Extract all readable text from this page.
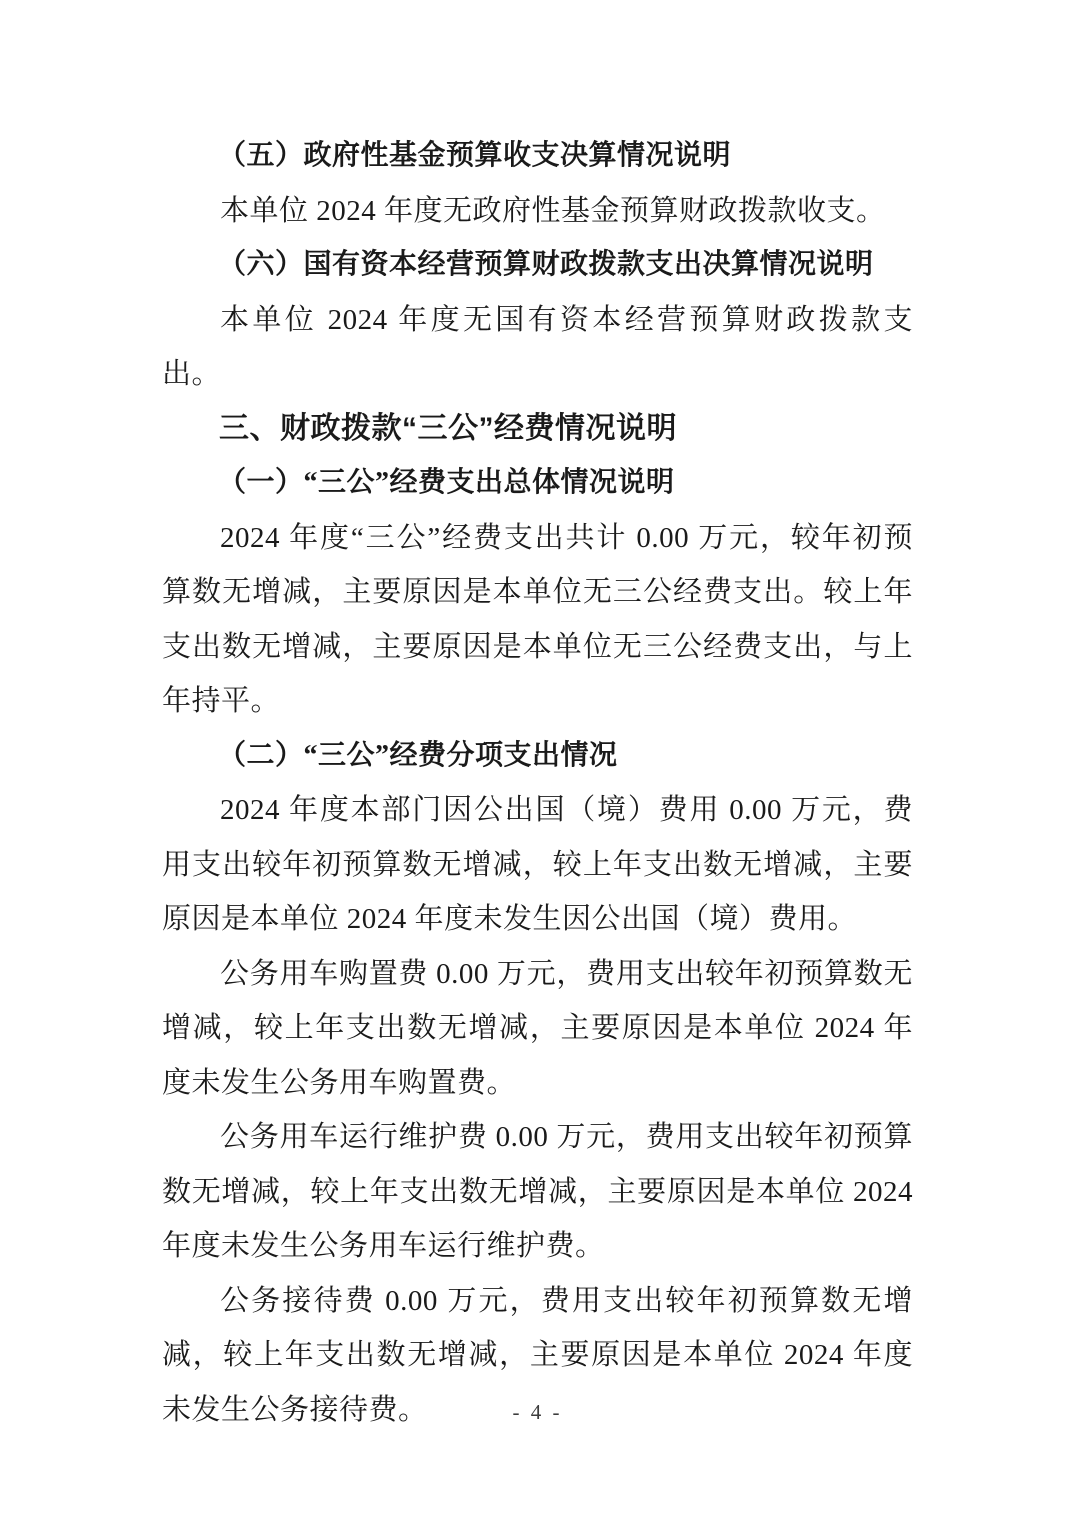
（五）政府性基金预算收支决算情况说明

本单位 2024 年度无政府性基金预算财政拨款收支。

（六）国有资本经营预算财政拨款支出决算情况说明

本单位 2024 年度无国有资本经营预算财政拨款支出。

三、财政拨款“三公”经费情况说明

（一）“三公”经费支出总体情况说明

2024 年度“三公”经费支出共计 0.00 万元，较年初预算数无增减，主要原因是本单位无三公经费支出。较上年支出数无增减，主要原因是本单位无三公经费支出，与上年持平。

（二）“三公”经费分项支出情况

2024 年度本部门因公出国（境）费用 0.00 万元，费用支出较年初预算数无增减，较上年支出数无增减，主要原因是本单位 2024 年度未发生因公出国（境）费用。

公务用车购置费 0.00 万元，费用支出较年初预算数无增减，较上年支出数无增减，主要原因是本单位 2024 年度未发生公务用车购置费。

公务用车运行维护费 0.00 万元，费用支出较年初预算数无增减，较上年支出数无增减，主要原因是本单位 2024 年度未发生公务用车运行维护费。

公务接待费 0.00 万元，费用支出较年初预算数无增减，较上年支出数无增减，主要原因是本单位 2024 年度未发生公务接待费。	- 4 -
